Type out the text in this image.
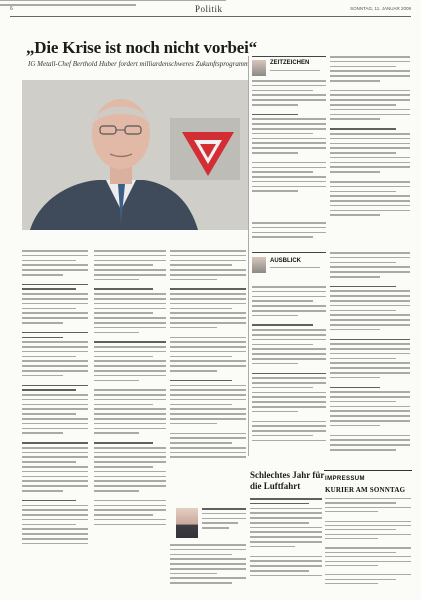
6	Politik	SONNTAG, 11. JANUAR 2009
„Die Krise ist noch nicht vorbei“
IG Metall-Chef Berthold Huber fordert milliardenschweres Zukunftsprogramm	ZEITZEICHEN
AUSBLICK
Schlechtes Jahr für
die Luftfahrt
IMPRESSUM
KURIER AM SONNTAG
